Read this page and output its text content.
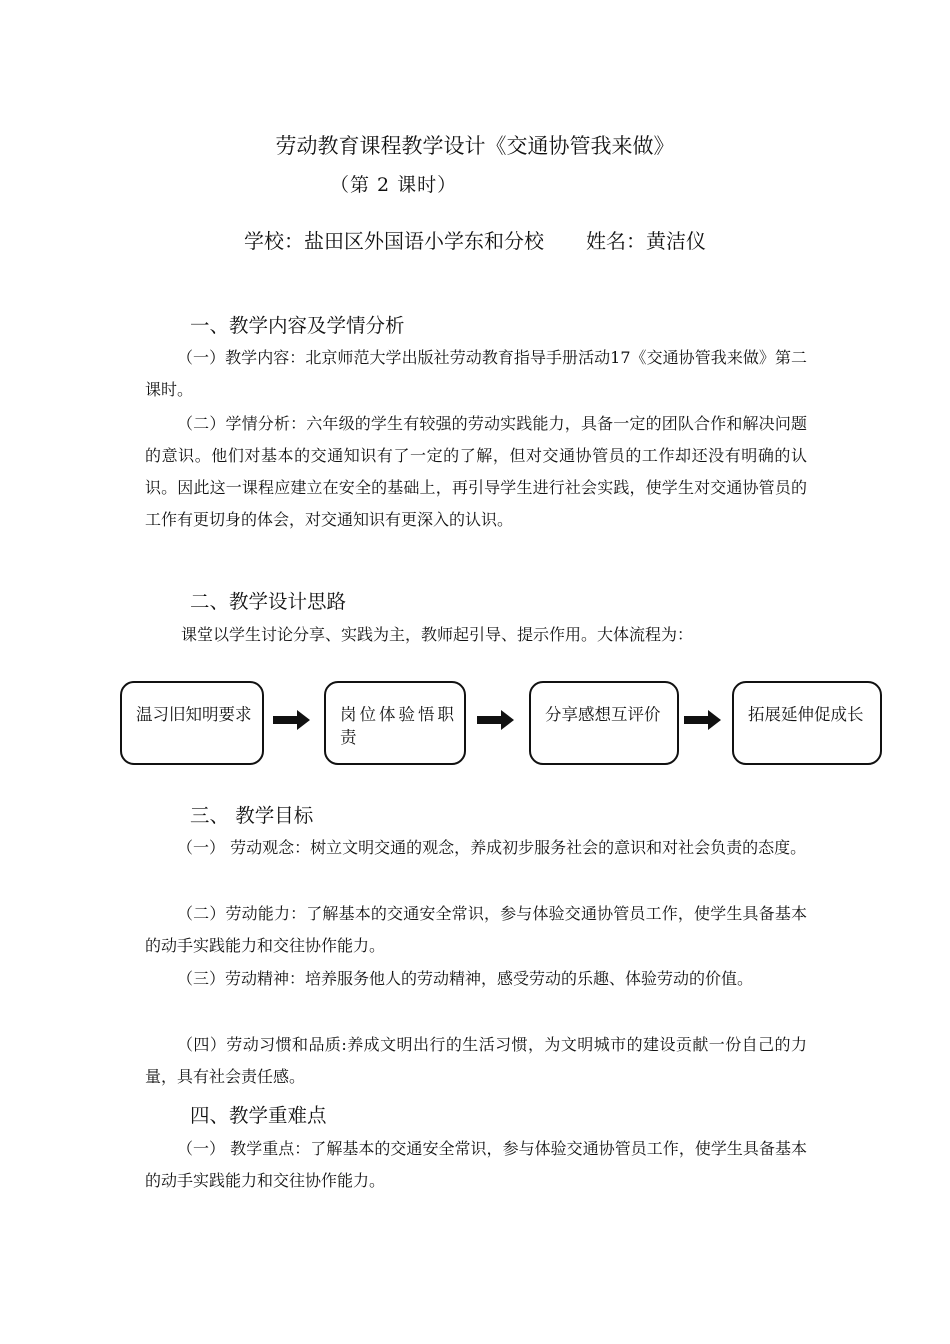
劳动教育课程教学设计《交通协管我来做》
（第 2 课时）
学校：盐田区外国语小学东和分校 姓名：黄洁仪
一、教学内容及学情分析

（一）教学内容：北京师范大学出版社劳动教育指导手册活动17《交通协管我来做》第二课时。

（二）学情分析：六年级的学生有较强的劳动实践能力，具备一定的团队合作和解决问题的意识。他们对基本的交通知识有了一定的了解，但对交通协管员的工作却还没有明确的认识。因此这一课程应建立在安全的基础上，再引导学生进行社会实践，使学生对交通协管员的工作有更切身的体会，对交通知识有更深入的认识。

二、教学设计思路
课堂以学生讨论分享、实践为主，教师起引导、提示作用。大体流程为：
温习旧知明要求	岗位体验悟职责
分享感想互评价	拓展延伸促成长
三、 教学目标

（一） 劳动观念：树立文明交通的观念，养成初步服务社会的意识和对社会负责的态度。

（二）劳动能力：了解基本的交通安全常识，参与体验交通协管员工作，使学生具备基本的动手实践能力和交往协作能力。

（三）劳动精神：培养服务他人的劳动精神，感受劳动的乐趣、体验劳动的价值。

（四）劳动习惯和品质:养成文明出行的生活习惯，为文明城市的建设贡献一份自己的力量，具有社会责任感。

四、教学重难点

（一） 教学重点：了解基本的交通安全常识，参与体验交通协管员工作，使学生具备基本的动手实践能力和交往协作能力。
